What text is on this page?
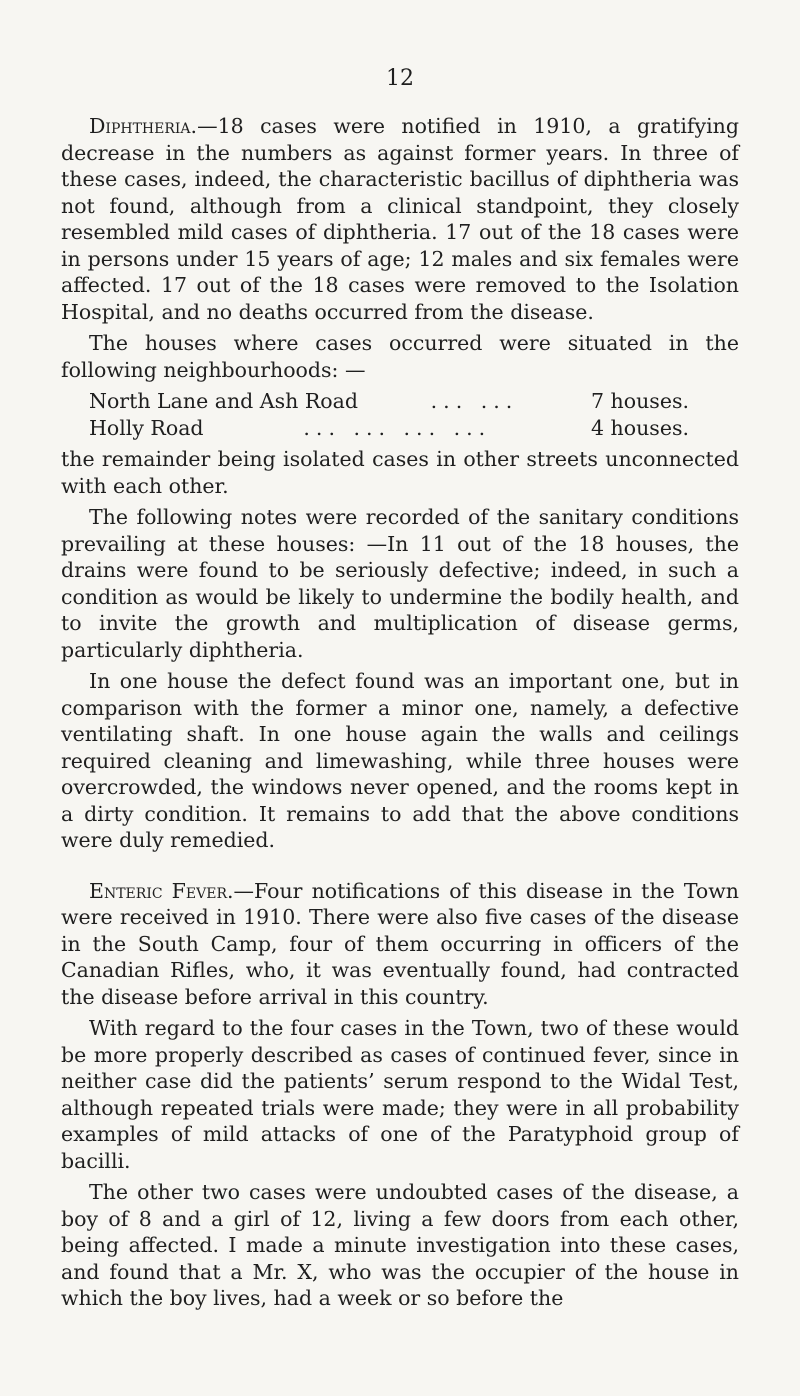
12

Diphtheria.—18 cases were notified in 1910, a gratifying decrease in the numbers as against former years. In three of these cases, indeed, the characteristic bacillus of diphtheria was not found, although from a clinical standpoint, they closely resembled mild cases of diphtheria. 17 out of the 18 cases were in persons under 15 years of age; 12 males and six females were affected. 17 out of the 18 cases were removed to the Isolation Hospital, and no deaths occurred from the disease.

The houses where cases occurred were situated in the following neighbourhoods: —

North Lane and Ash Road	... ...	7 houses.
Holly Road	... ... ... ...	4 houses.

the remainder being isolated cases in other streets unconnected with each other.

The following notes were recorded of the sanitary conditions prevailing at these houses: —In 11 out of the 18 houses, the drains were found to be seriously defective; indeed, in such a condition as would be likely to undermine the bodily health, and to invite the growth and multiplication of disease germs, particularly diphtheria.

In one house the defect found was an important one, but in comparison with the former a minor one, namely, a defective ventilating shaft. In one house again the walls and ceilings required cleaning and limewashing, while three houses were overcrowded, the windows never opened, and the rooms kept in a dirty condition. It remains to add that the above conditions were duly remedied.

Enteric Fever.—Four notifications of this disease in the Town were received in 1910. There were also five cases of the disease in the South Camp, four of them occurring in officers of the Canadian Rifles, who, it was eventually found, had contracted the disease before arrival in this country.

With regard to the four cases in the Town, two of these would be more properly described as cases of continued fever, since in neither case did the patients’ serum respond to the Widal Test, although repeated trials were made; they were in all probability examples of mild attacks of one of the Paratyphoid group of bacilli.

The other two cases were undoubted cases of the disease, a boy of 8 and a girl of 12, living a few doors from each other, being affected. I made a minute investigation into these cases, and found that a Mr. X, who was the occupier of the house in which the boy lives, had a week or so before the
